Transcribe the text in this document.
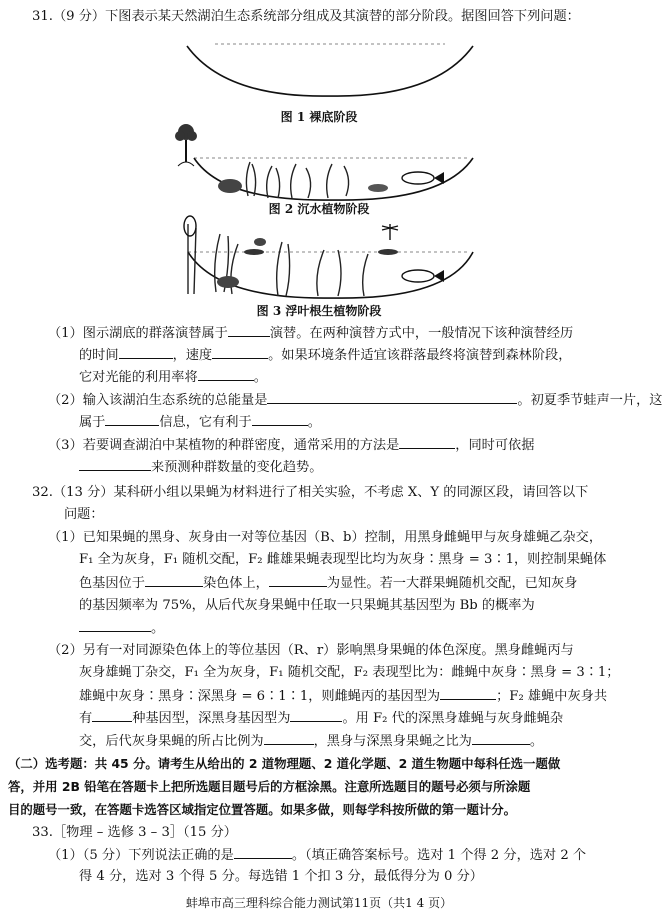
31.（9 分）下图表示某天然湖泊生态系统部分组成及其演替的部分阶段。据图回答下列问题：
图 1 裸底阶段
图 2 沉水植物阶段
图 3 浮叶根生植物阶段
（1）图示湖底的群落演替属于	演替。在两种演替方式中，一般情况下该种演替经历
的时间	，速度	。如果环境条件适宜该群落最终将演替到森林阶段，
它对光能的利用率将	。
（2）输入该湖泊生态系统的总能量是	。初夏季节蛙声一片，这
属于	信息，它有利于	。
（3）若要调查湖泊中某植物的种群密度，通常采用的方法是	，同时可依据
来预测种群数量的变化趋势。
32.（13 分）某科研小组以果蝇为材料进行了相关实验，不考虑 X、Y 的同源区段，请回答以下
问题：
（1）已知果蝇的黑身、灰身由一对等位基因（B、b）控制，用黑身雌蝇甲与灰身雄蝇乙杂交，
F₁ 全为灰身，F₁ 随机交配，F₂ 雌雄果蝇表现型比均为灰身∶黑身 = 3∶1，则控制果蝇体
色基因位于	染色体上，	为显性。若一大群果蝇随机交配，已知灰身
的基因频率为 75%，从后代灰身果蝇中任取一只果蝇其基因型为 Bb 的概率为
。
（2）另有一对同源染色体上的等位基因（R、r）影响黑身果蝇的体色深度。黑身雌蝇丙与
灰身雄蝇丁杂交，F₁ 全为灰身，F₁ 随机交配，F₂ 表现型比为：雌蝇中灰身∶黑身 = 3∶1；
雄蝇中灰身∶黑身∶深黑身 = 6∶1∶1，则雌蝇丙的基因型为	；F₂ 雄蝇中灰身共
有	种基因型，深黑身基因型为	。用 F₂ 代的深黑身雄蝇与灰身雌蝇杂
交，后代灰身果蝇的所占比例为	，黑身与深黑身果蝇之比为	。
（二）选考题：共 45 分。请考生从给出的 2 道物理题、2 道化学题、2 道生物题中每科任选一题做
答，并用 2B 铅笔在答题卡上把所选题目题号后的方框涂黑。注意所选题目的题号必须与所涂题
目的题号一致，在答题卡选答区域指定位置答题。如果多做，则每学科按所做的第一题计分。
33.［物理 – 选修 3 – 3］（15 分）
（1）（5 分）下列说法正确的是	。（填正确答案标号。选对 1 个得 2 分，选对 2 个
得 4 分，选对 3 个得 5 分。每选错 1 个扣 3 分，最低得分为 0 分）
蚌埠市高三理科综合能力测试第11页（共1 4 页）
